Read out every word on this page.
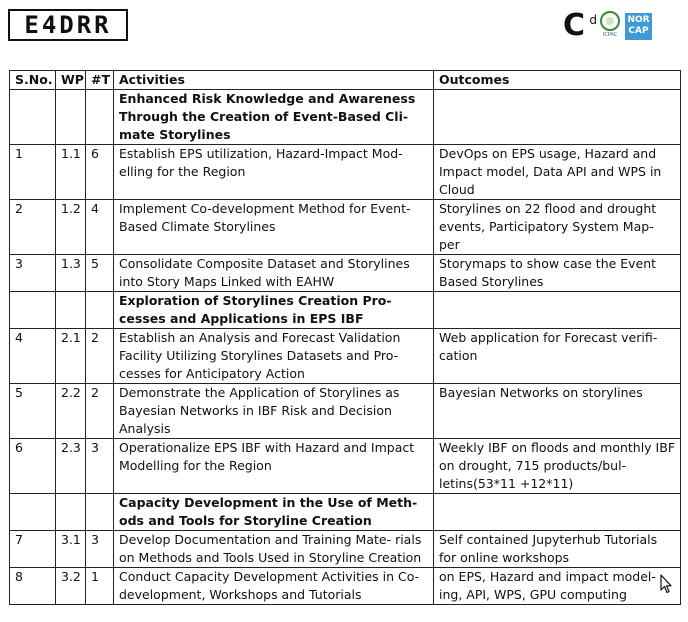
E4DRR	C d
ICPAC
NOR
CAP
S.No.	WP	#T	Activities	Outcomes
			Enhanced Risk Knowledge and Awareness Through the Creation of Event-Based Cli- mate Storylines	
1	1.1	6	Establish EPS utilization, Hazard-Impact Mod- elling for the Region	DevOps on EPS usage, Hazard and Impact model, Data API and WPS in Cloud
2	1.2	4	Implement Co-development Method for Event- Based Climate Storylines	Storylines on 22 flood and drought events, Participatory System Map- per
3	1.3	5	Consolidate Composite Dataset and Storylines into Story Maps Linked with EAHW	Storymaps to show case the Event Based Storylines
			Exploration of Storylines Creation Pro- cesses and Applications in EPS IBF	
4	2.1	2	Establish an Analysis and Forecast Validation Facility Utilizing Storylines Datasets and Pro- cesses for Anticipatory Action	Web application for Forecast verifi- cation
5	2.2	2	Demonstrate the Application of Storylines as Bayesian Networks in IBF Risk and Decision Analysis	Bayesian Networks on storylines
6	2.3	3	Operationalize EPS IBF with Hazard and Impact Modelling for the Region	Weekly IBF on floods and monthly IBF on drought, 715 products/bul- letins(53*11 +12*11)
			Capacity Development in the Use of Meth- ods and Tools for Storyline Creation	
7	3.1	3	Develop Documentation and Training Mate- rials on Methods and Tools Used in Storyline Creation	Self contained Jupyterhub Tutorials for online workshops
8	3.2	1	Conduct Capacity Development Activities in Co-development, Workshops and Tutorials	on EPS, Hazard and impact model- ing, API, WPS, GPU computing
